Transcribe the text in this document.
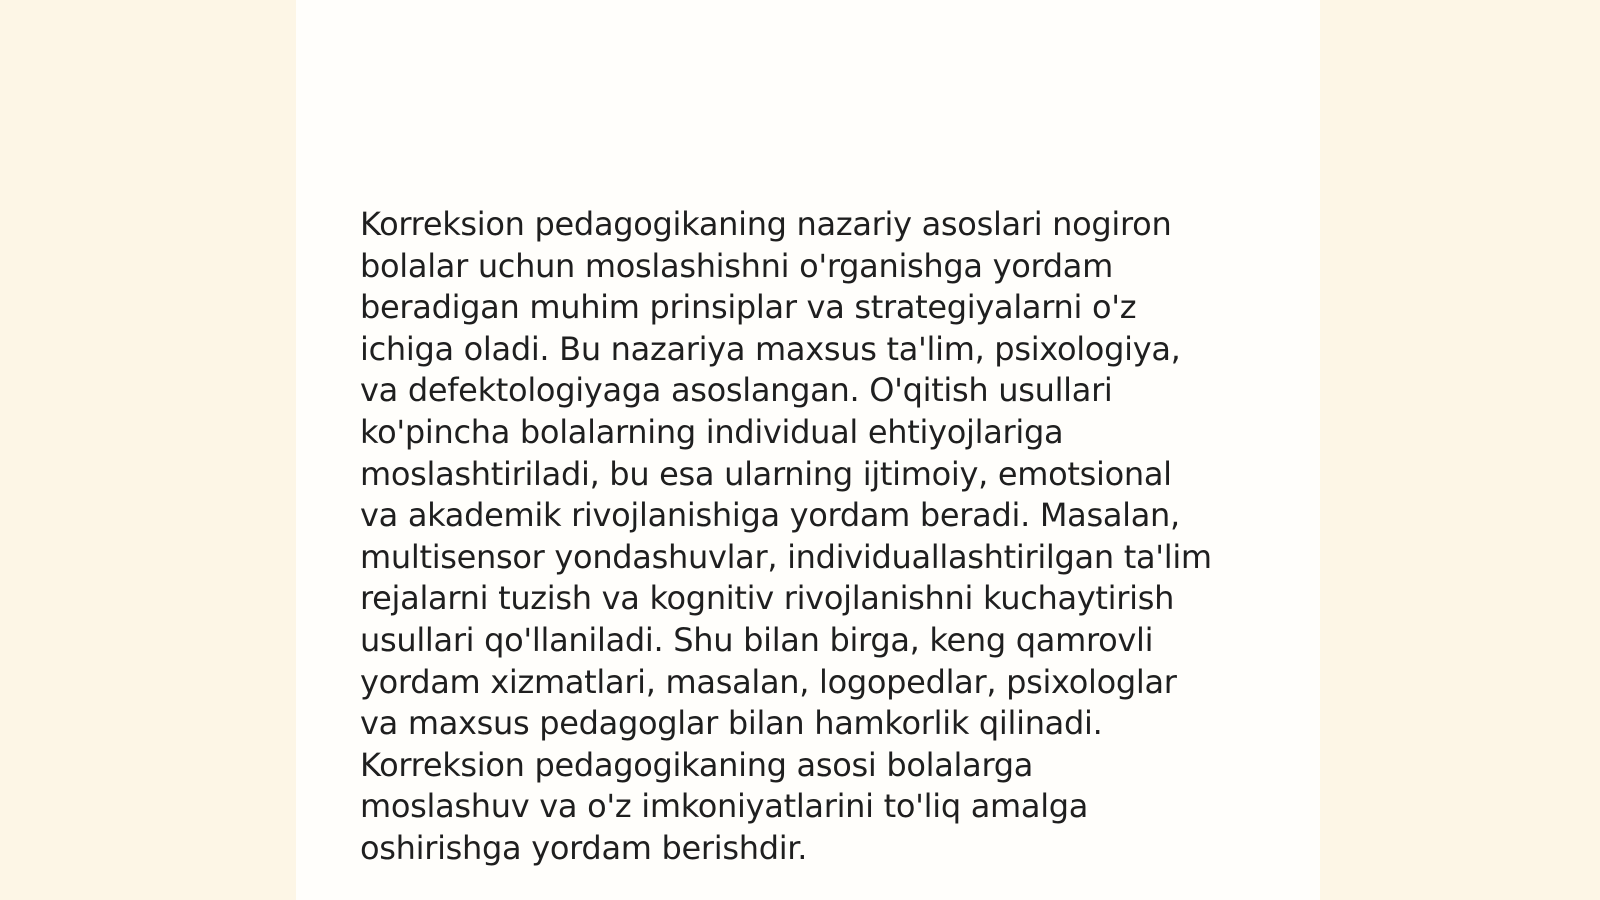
Korreksion pedagogikaning nazariy asoslari nogiron
bolalar uchun moslashishni o'rganishga yordam
beradigan muhim prinsiplar va strategiyalarni o'z
ichiga oladi. Bu nazariya maxsus ta'lim, psixologiya,
va defektologiyaga asoslangan. O'qitish usullari
ko'pincha bolalarning individual ehtiyojlariga
moslashtiriladi, bu esa ularning ijtimoiy, emotsional
va akademik rivojlanishiga yordam beradi. Masalan,
multisensor yondashuvlar, individuallashtirilgan ta'lim
rejalarni tuzish va kognitiv rivojlanishni kuchaytirish
usullari qo'llaniladi. Shu bilan birga, keng qamrovli
yordam xizmatlari, masalan, logopedlar, psixologlar
va maxsus pedagoglar bilan hamkorlik qilinadi.
Korreksion pedagogikaning asosi bolalarga
moslashuv va o'z imkoniyatlarini to'liq amalga
oshirishga yordam berishdir.
